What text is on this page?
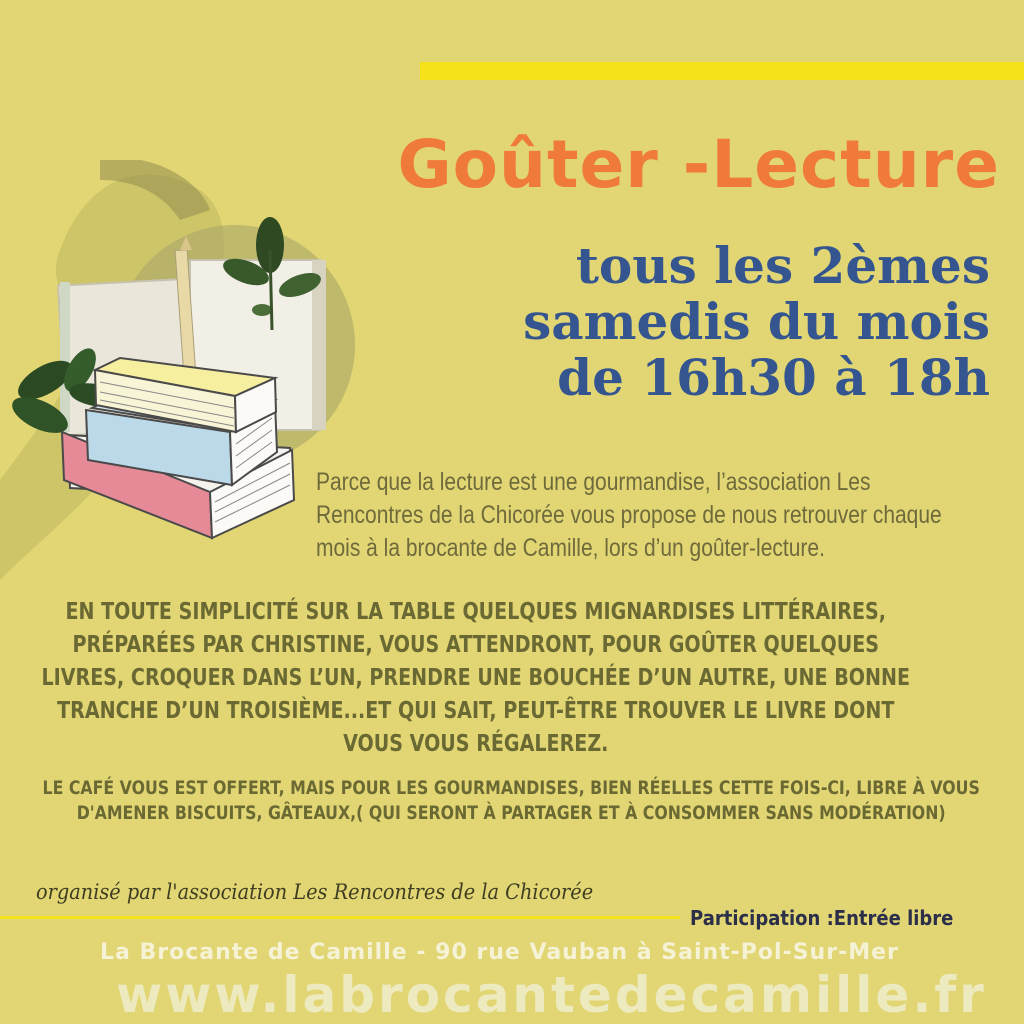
Goûter -Lecture
tous les 2èmes
samedis du mois
de 16h30 à 18h
Parce que la lecture est une gourmandise, l’association Les Rencontres de la Chicorée vous propose de nous retrouver chaque mois à la brocante de Camille, lors d’un goûter-lecture.
EN TOUTE SIMPLICITÉ SUR LA TABLE QUELQUES MIGNARDISES LITTÉRAIRES, PRÉPARÉES PAR CHRISTINE, VOUS ATTENDRONT, POUR GOÛTER QUELQUES LIVRES, CROQUER DANS L’UN, PRENDRE UNE BOUCHÉE D’UN AUTRE, UNE BONNE TRANCHE D’UN TROISIÈME...ET QUI SAIT, PEUT-ÊTRE TROUVER LE LIVRE DONT VOUS VOUS RÉGALEREZ.
LE CAFÉ VOUS EST OFFERT, MAIS POUR LES GOURMANDISES, BIEN RÉELLES CETTE FOIS-CI, LIBRE À VOUS D'AMENER BISCUITS, GÂTEAUX,( QUI SERONT À PARTAGER ET À CONSOMMER SANS MODÉRATION)
organisé par l'association Les Rencontres de la Chicorée
Participation :Entrée libre
La Brocante de Camille - 90 rue Vauban à Saint-Pol-Sur-Mer
www.labrocantedecamille.fr
